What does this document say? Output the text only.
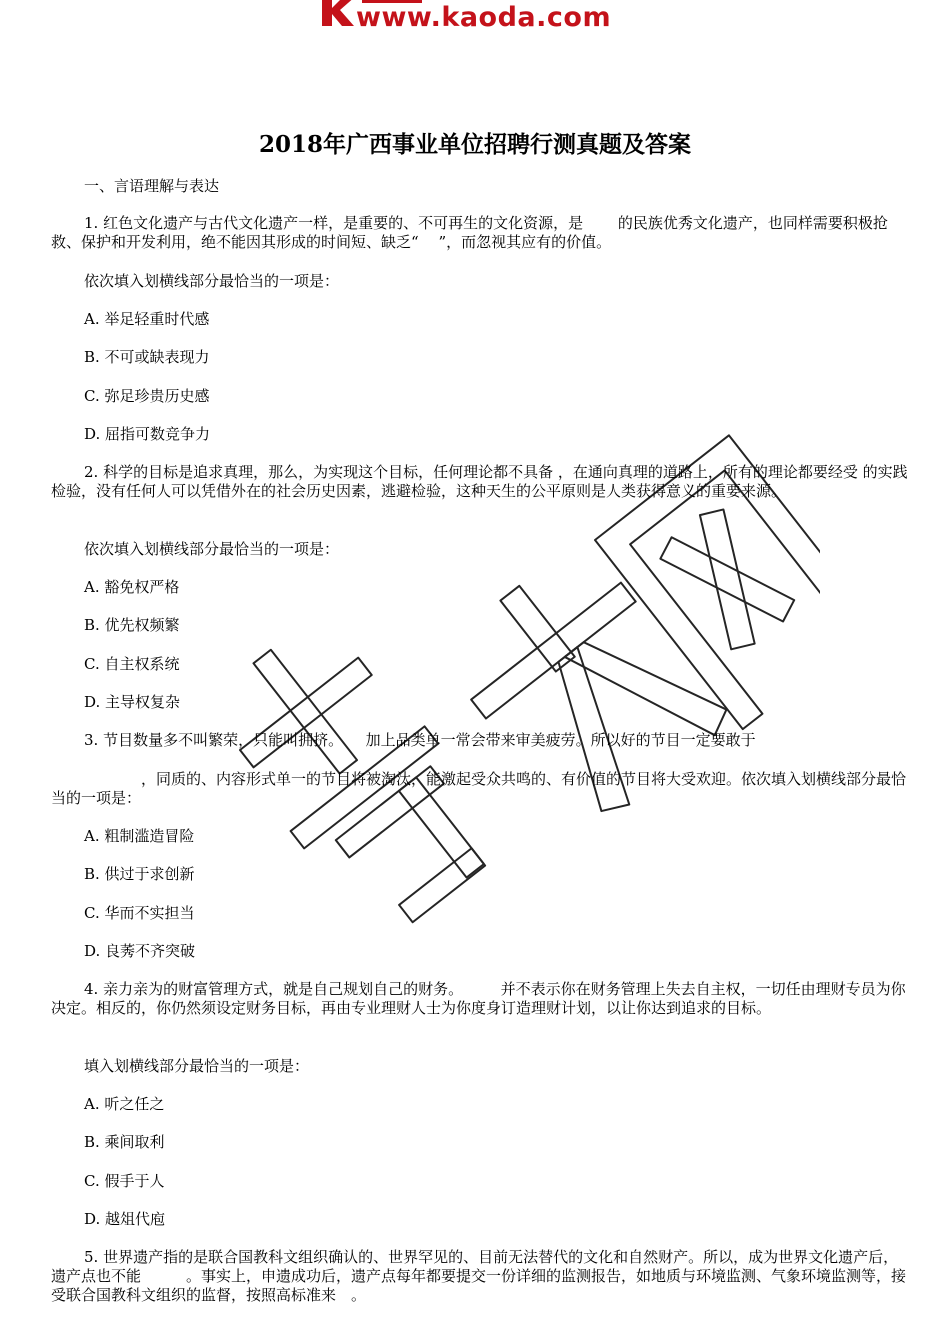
www.kaoda.com
2018年广西事业单位招聘行测真题及答案
一、言语理解与表达
1. 红色文化遗产与古代文化遗产一样，是重要的、不可再生的文化资源，是　　 的民族优秀文化遗产，也同样需要积极抢救、保护和开发利用，绝不能因其形成的时间短、缺乏“　 ”，而忽视其应有的价值。
依次填入划横线部分最恰当的一项是：
A. 举足轻重时代感
B. 不可或缺表现力
C. 弥足珍贵历史感
D. 屈指可数竞争力
2. 科学的目标是追求真理，那么，为实现这个目标，任何理论都不具备 ，在通向真理的道路上，所有的理论都要经受 的实践检验，没有任何人可以凭借外在的社会历史因素，逃避检验，这种天生的公平原则是人类获得意义的重要来源。
依次填入划横线部分最恰当的一项是：
A. 豁免权严格
B. 优先权频繁
C. 自主权系统
D. 主导权复杂
3. 节目数量多不叫繁荣，只能叫拥挤。　　加上品类单一常会带来审美疲劳。所以好的节目一定要敢于
　　　　　　，同质的、内容形式单一的节目将被淘汰，能激起受众共鸣的、有价值的节目将大受欢迎。依次填入划横线部分最恰当的一项是：
A. 粗制滥造冒险
B. 供过于求创新
C. 华而不实担当
D. 良莠不齐突破
4. 亲力亲为的财富管理方式，就是自己规划自己的财务。　　　并不表示你在财务管理上失去自主权，一切任由理财专员为你决定。相反的，你仍然须设定财务目标，再由专业理财人士为你度身订造理财计划，以让你达到追求的目标。
填入划横线部分最恰当的一项是：
A. 听之任之
B. 乘间取利
C. 假手于人
D. 越俎代庖
5. 世界遗产指的是联合国教科文组织确认的、世界罕见的、目前无法替代的文化和自然财产。所以，成为世界文化遗产后，遗产点也不能　　　。事实上，申遗成功后，遗产点每年都要提交一份详细的监测报告，如地质与环境监测、气象环境监测等，接受联合国教科文组织的监督，按照高标准来　。
